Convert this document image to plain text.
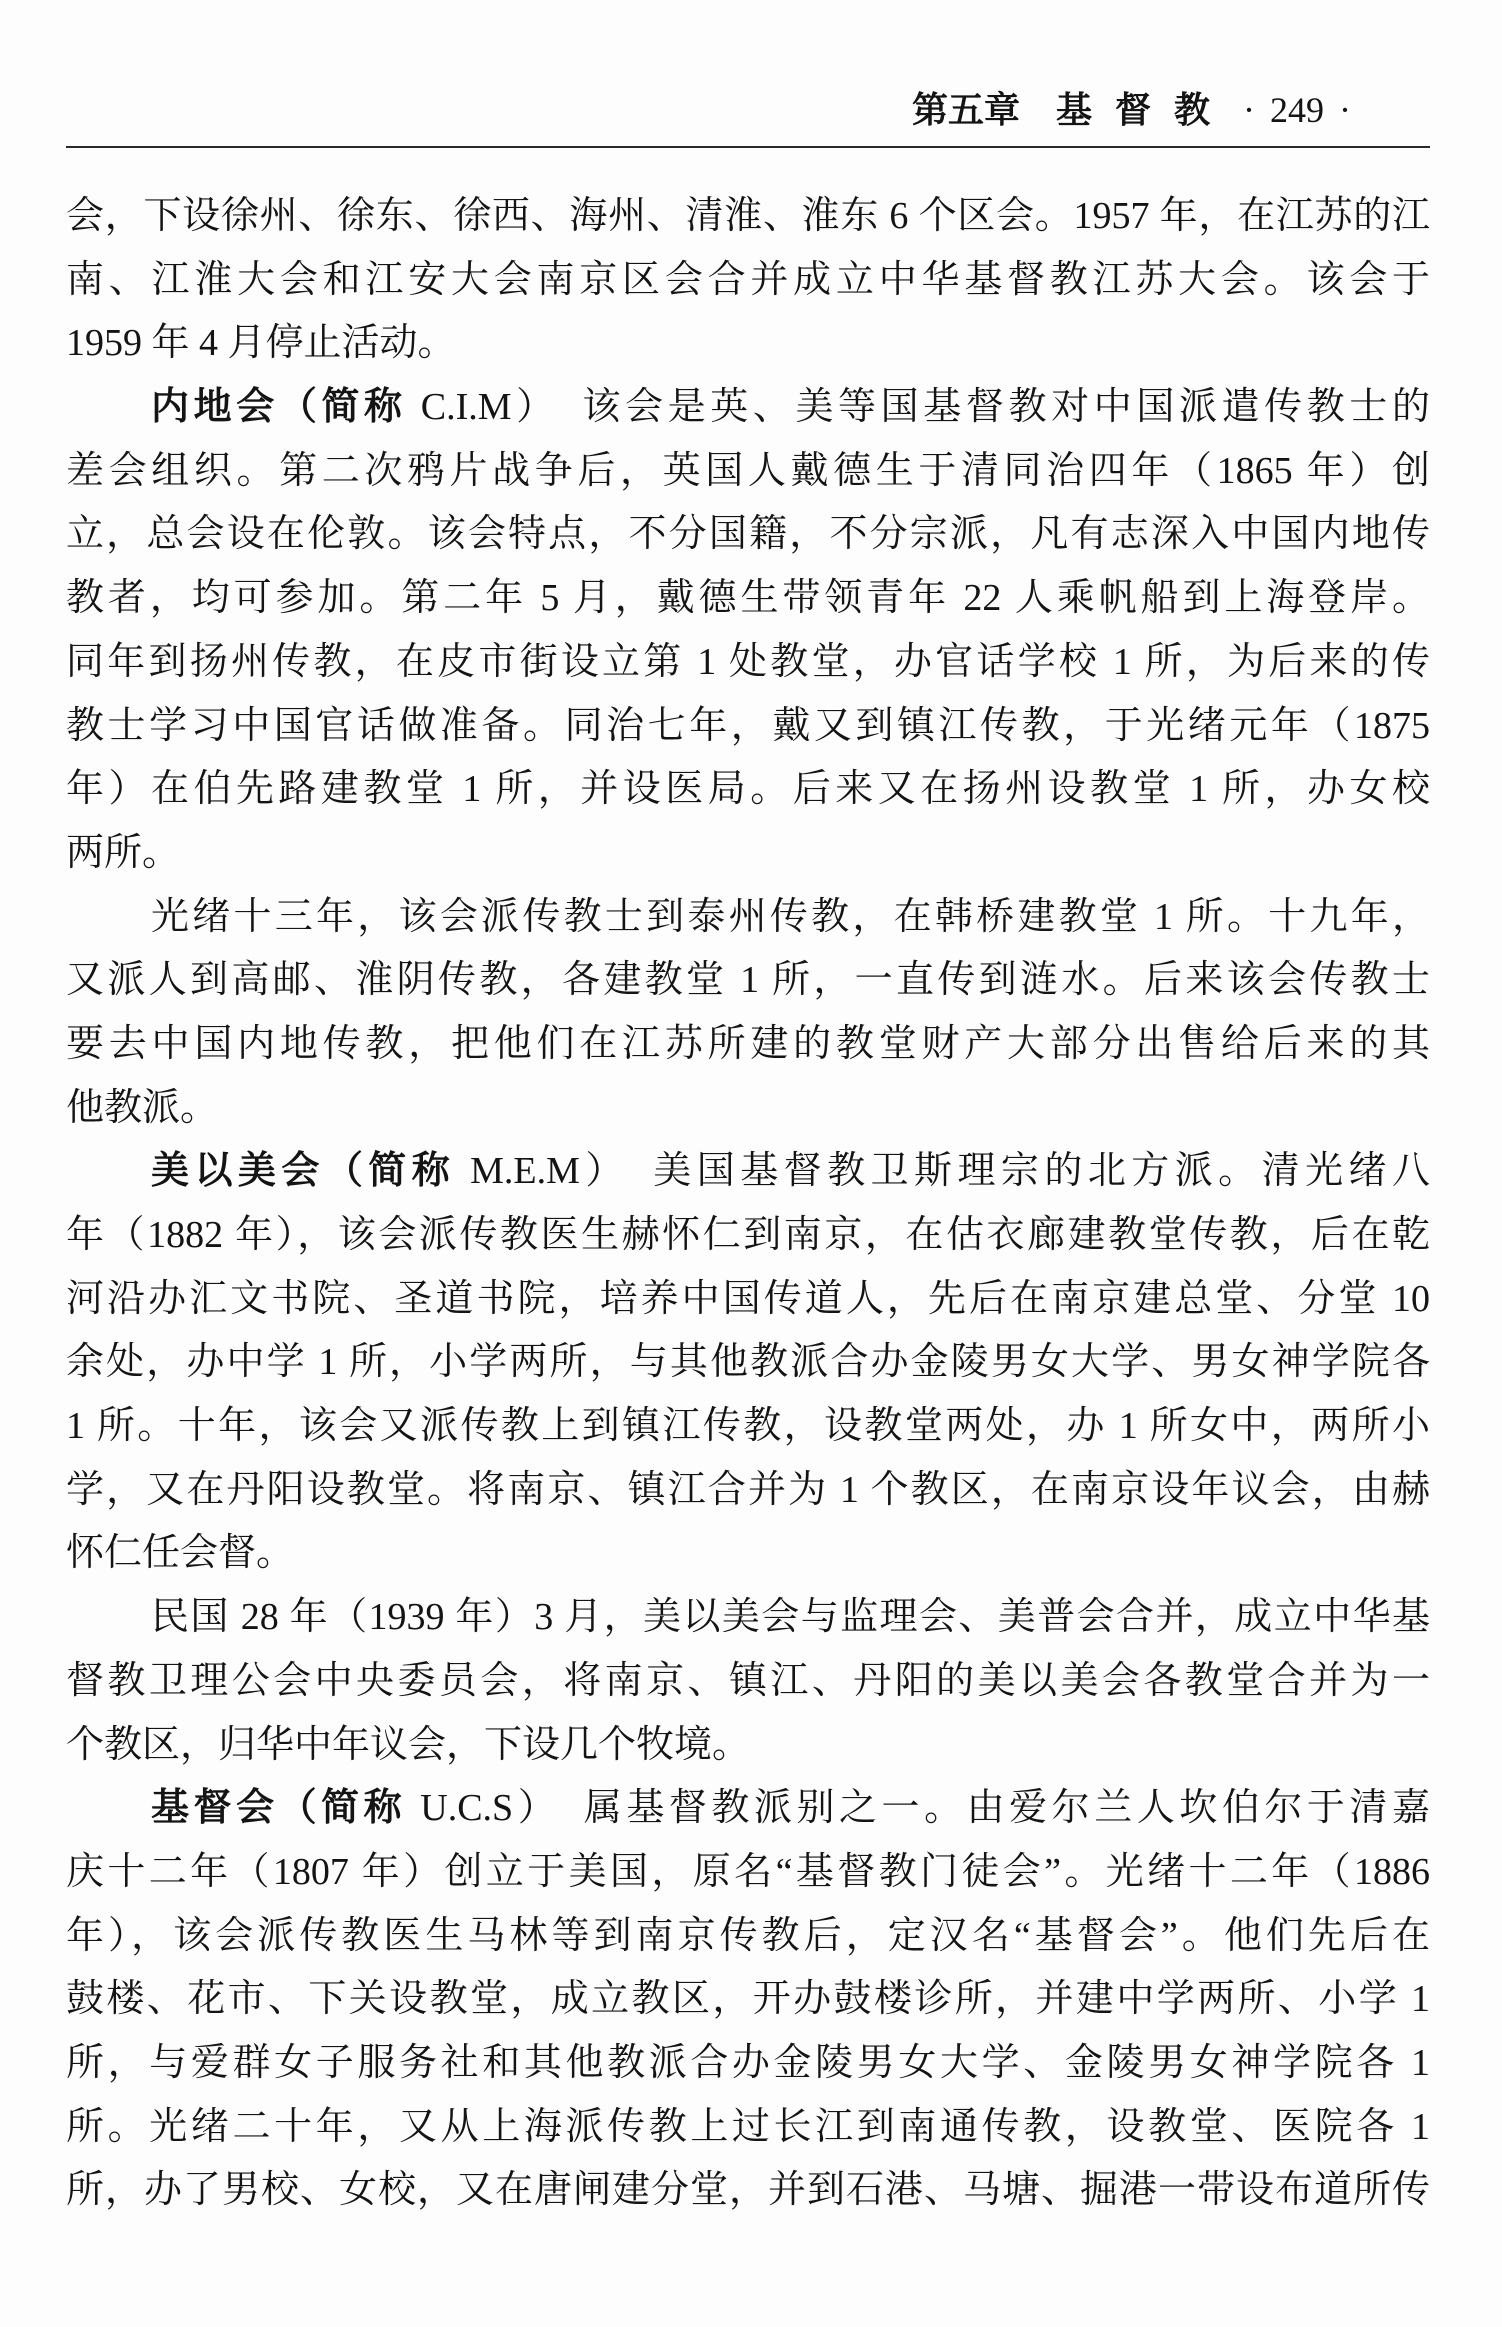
第五章 基 督 教 · 249 ·
会，下设徐州、徐东、徐西、海州、清淮、淮东 6 个区会。1957 年，在江苏的江
南、江淮大会和江安大会南京区会合并成立中华基督教江苏大会。该会于
1959 年 4 月停止活动。
内地会（简称 C.I.M）　该会是英、美等国基督教对中国派遣传教士的
差会组织。第二次鸦片战争后，英国人戴德生于清同治四年（1865 年）创
立，总会设在伦敦。该会特点，不分国籍，不分宗派，凡有志深入中国内地传
教者，均可参加。第二年 5 月，戴德生带领青年 22 人乘帆船到上海登岸。
同年到扬州传教，在皮市街设立第 1 处教堂，办官话学校 1 所，为后来的传
教士学习中国官话做准备。同治七年，戴又到镇江传教，于光绪元年（1875
年）在伯先路建教堂 1 所，并设医局。后来又在扬州设教堂 1 所，办女校
两所。
光绪十三年，该会派传教士到泰州传教，在韩桥建教堂 1 所。十九年，
又派人到高邮、淮阴传教，各建教堂 1 所，一直传到涟水。后来该会传教士
要去中国内地传教，把他们在江苏所建的教堂财产大部分出售给后来的其
他教派。
美以美会（简称 M.E.M）　美国基督教卫斯理宗的北方派。清光绪八
年（1882 年），该会派传教医生赫怀仁到南京，在估衣廊建教堂传教，后在乾
河沿办汇文书院、圣道书院，培养中国传道人，先后在南京建总堂、分堂 10
余处，办中学 1 所，小学两所，与其他教派合办金陵男女大学、男女神学院各
1 所。十年，该会又派传教上到镇江传教，设教堂两处，办 1 所女中，两所小
学，又在丹阳设教堂。将南京、镇江合并为 1 个教区，在南京设年议会，由赫
怀仁任会督。
民国 28 年（1939 年）3 月，美以美会与监理会、美普会合并，成立中华基
督教卫理公会中央委员会，将南京、镇江、丹阳的美以美会各教堂合并为一
个教区，归华中年议会，下设几个牧境。
基督会（简称 U.C.S）　属基督教派别之一。由爱尔兰人坎伯尔于清嘉
庆十二年（1807 年）创立于美国，原名“基督教门徒会”。光绪十二年（1886
年），该会派传教医生马林等到南京传教后，定汉名“基督会”。他们先后在
鼓楼、花市、下关设教堂，成立教区，开办鼓楼诊所，并建中学两所、小学 1
所，与爱群女子服务社和其他教派合办金陵男女大学、金陵男女神学院各 1
所。光绪二十年，又从上海派传教上过长江到南通传教，设教堂、医院各 1
所，办了男校、女校，又在唐闸建分堂，并到石港、马塘、掘港一带设布道所传
